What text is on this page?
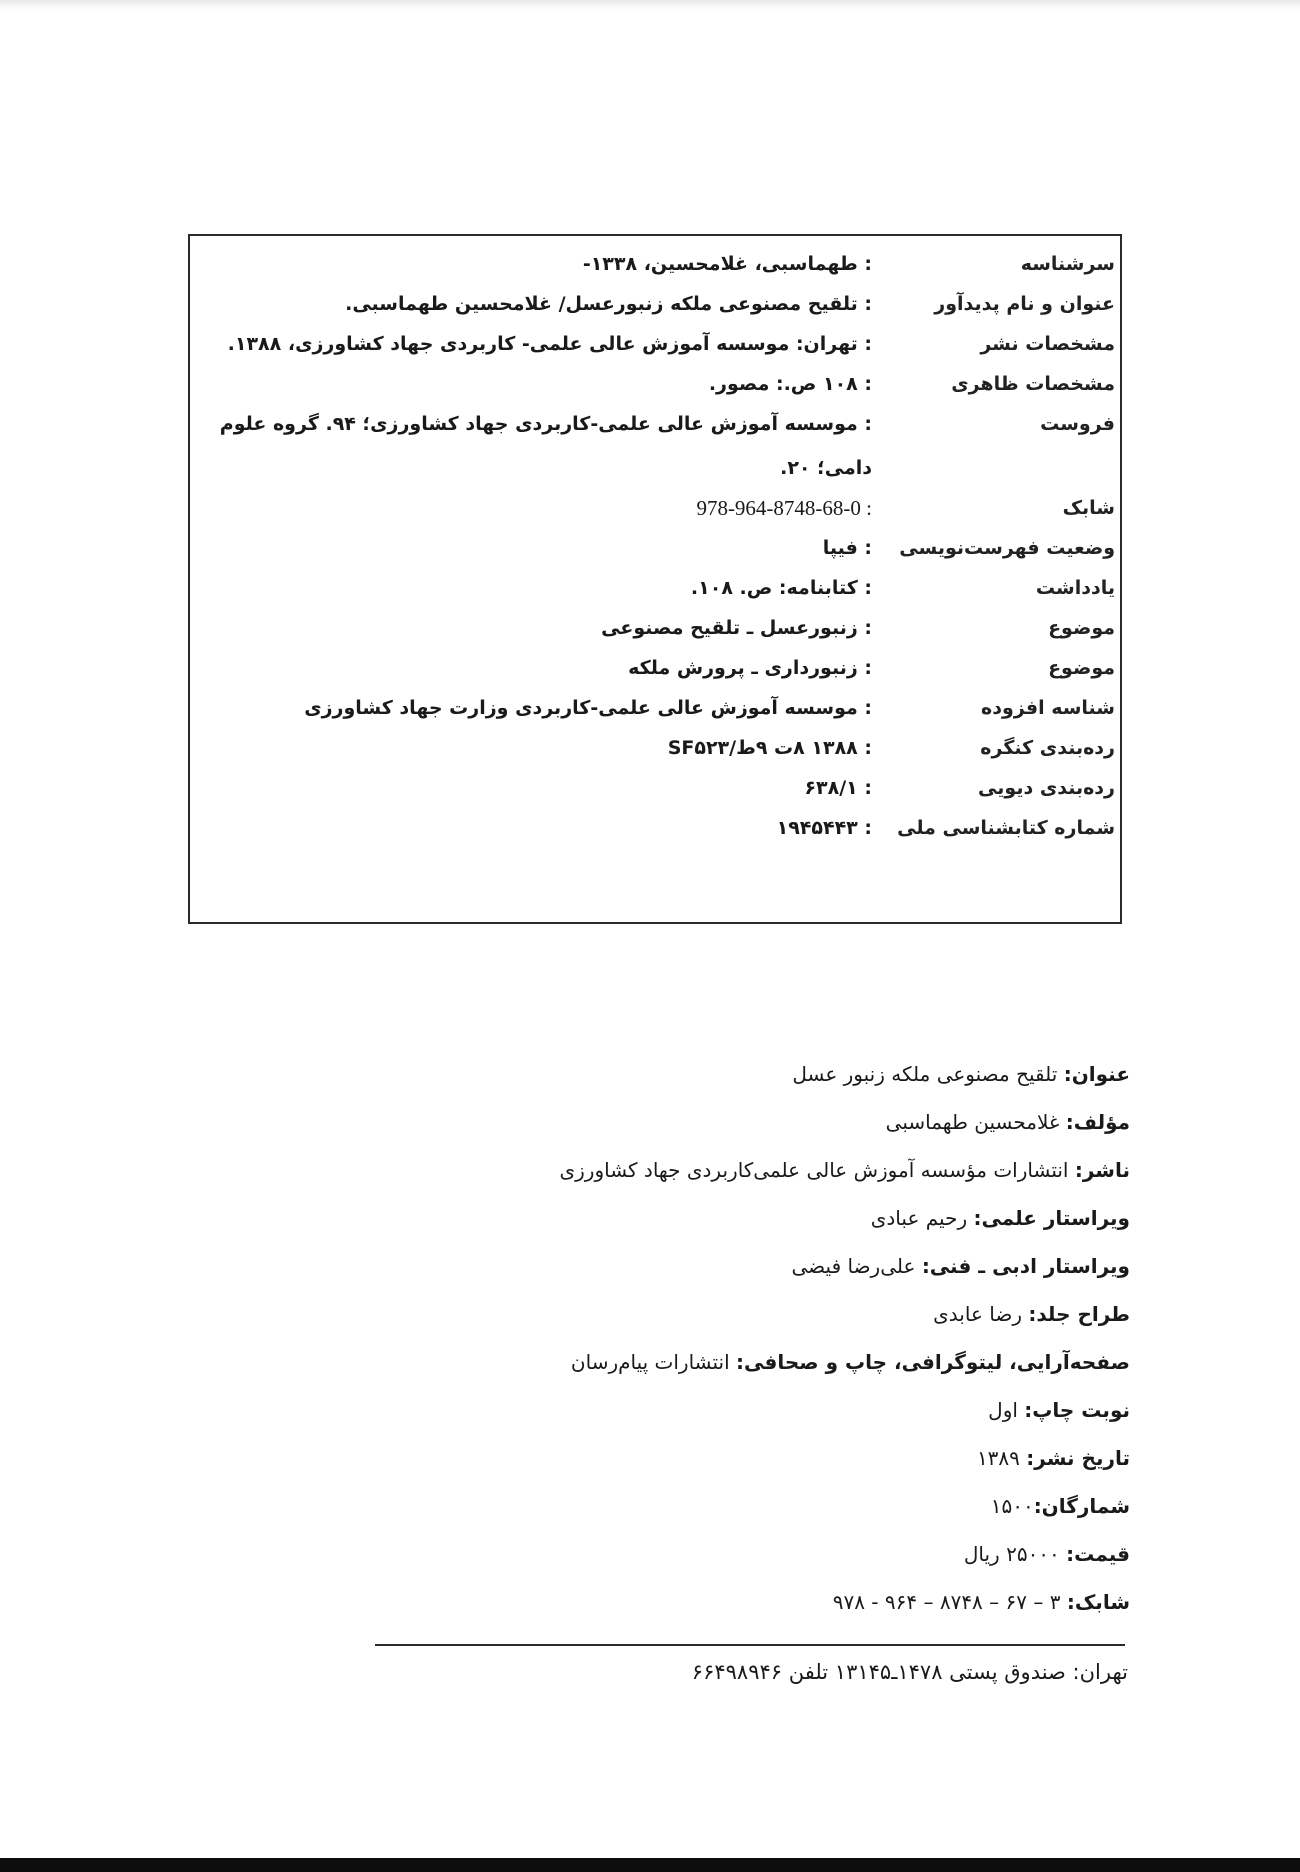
سرشناسه
: طهماسبی، غلامحسین، ۱۳۳۸-
عنوان و نام پدیدآور
: تلقیح مصنوعی ملکه زنبورعسل/ غلامحسین طهماسبی.
مشخصات نشر
: تهران: موسسه آموزش عالی علمی- کاربردی جهاد کشاورزی، ۱۳۸۸.
مشخصات ظاهری
: ۱۰۸ ص.: مصور.
فروست
: موسسه آموزش عالی علمی-کاربردی جهاد کشاورزی؛ ۹۴. گروه علوم دامی؛ ۲۰.
شابک
978-964-8748-68-0 :
وضعیت فهرست‌نویسی
: فیپا
یادداشت
: کتابنامه: ص. ۱۰۸.
موضوع
: زنبورعسل ـ تلقیح مصنوعی
موضوع
: زنبورداری ـ پرورش ملکه
شناسه افزوده
: موسسه آموزش عالی علمی-کاربردی وزارت جهاد کشاورزی
رده‌بندی کنگره
: ۱۳۸۸ ۸ت ۹ط/SF۵۲۳
رده‌بندی دیویی
: ۶۳۸/۱
شماره کتابشناسی ملی
: ۱۹۴۵۴۴۳
عنوان: تلقیح مصنوعی ملکه زنبور عسل
مؤلف: غلامحسین طهماسبی
ناشر: انتشارات مؤسسه آموزش عالی علمی‌کاربردی جهاد کشاورزی
ویراستار علمی: رحیم عبادی
ویراستار ادبی ـ فنی: علی‌رضا فیضی
طراح جلد: رضا عابدی
صفحه‌آرایی، لیتوگرافی، چاپ و صحافی: انتشارات پیام‌رسان
نوبت چاپ: اول
تاریخ نشر: ۱۳۸۹
شمارگان:۱۵۰۰
قیمت: ۲۵۰۰۰ ریال
شابک: ۳ – ۶۷ – ۸۷۴۸ – ۹۶۴ - ۹۷۸
تهران: صندوق پستی ۱۴۷۸ـ۱۳۱۴۵ تلفن ۶۶۴۹۸۹۴۶
